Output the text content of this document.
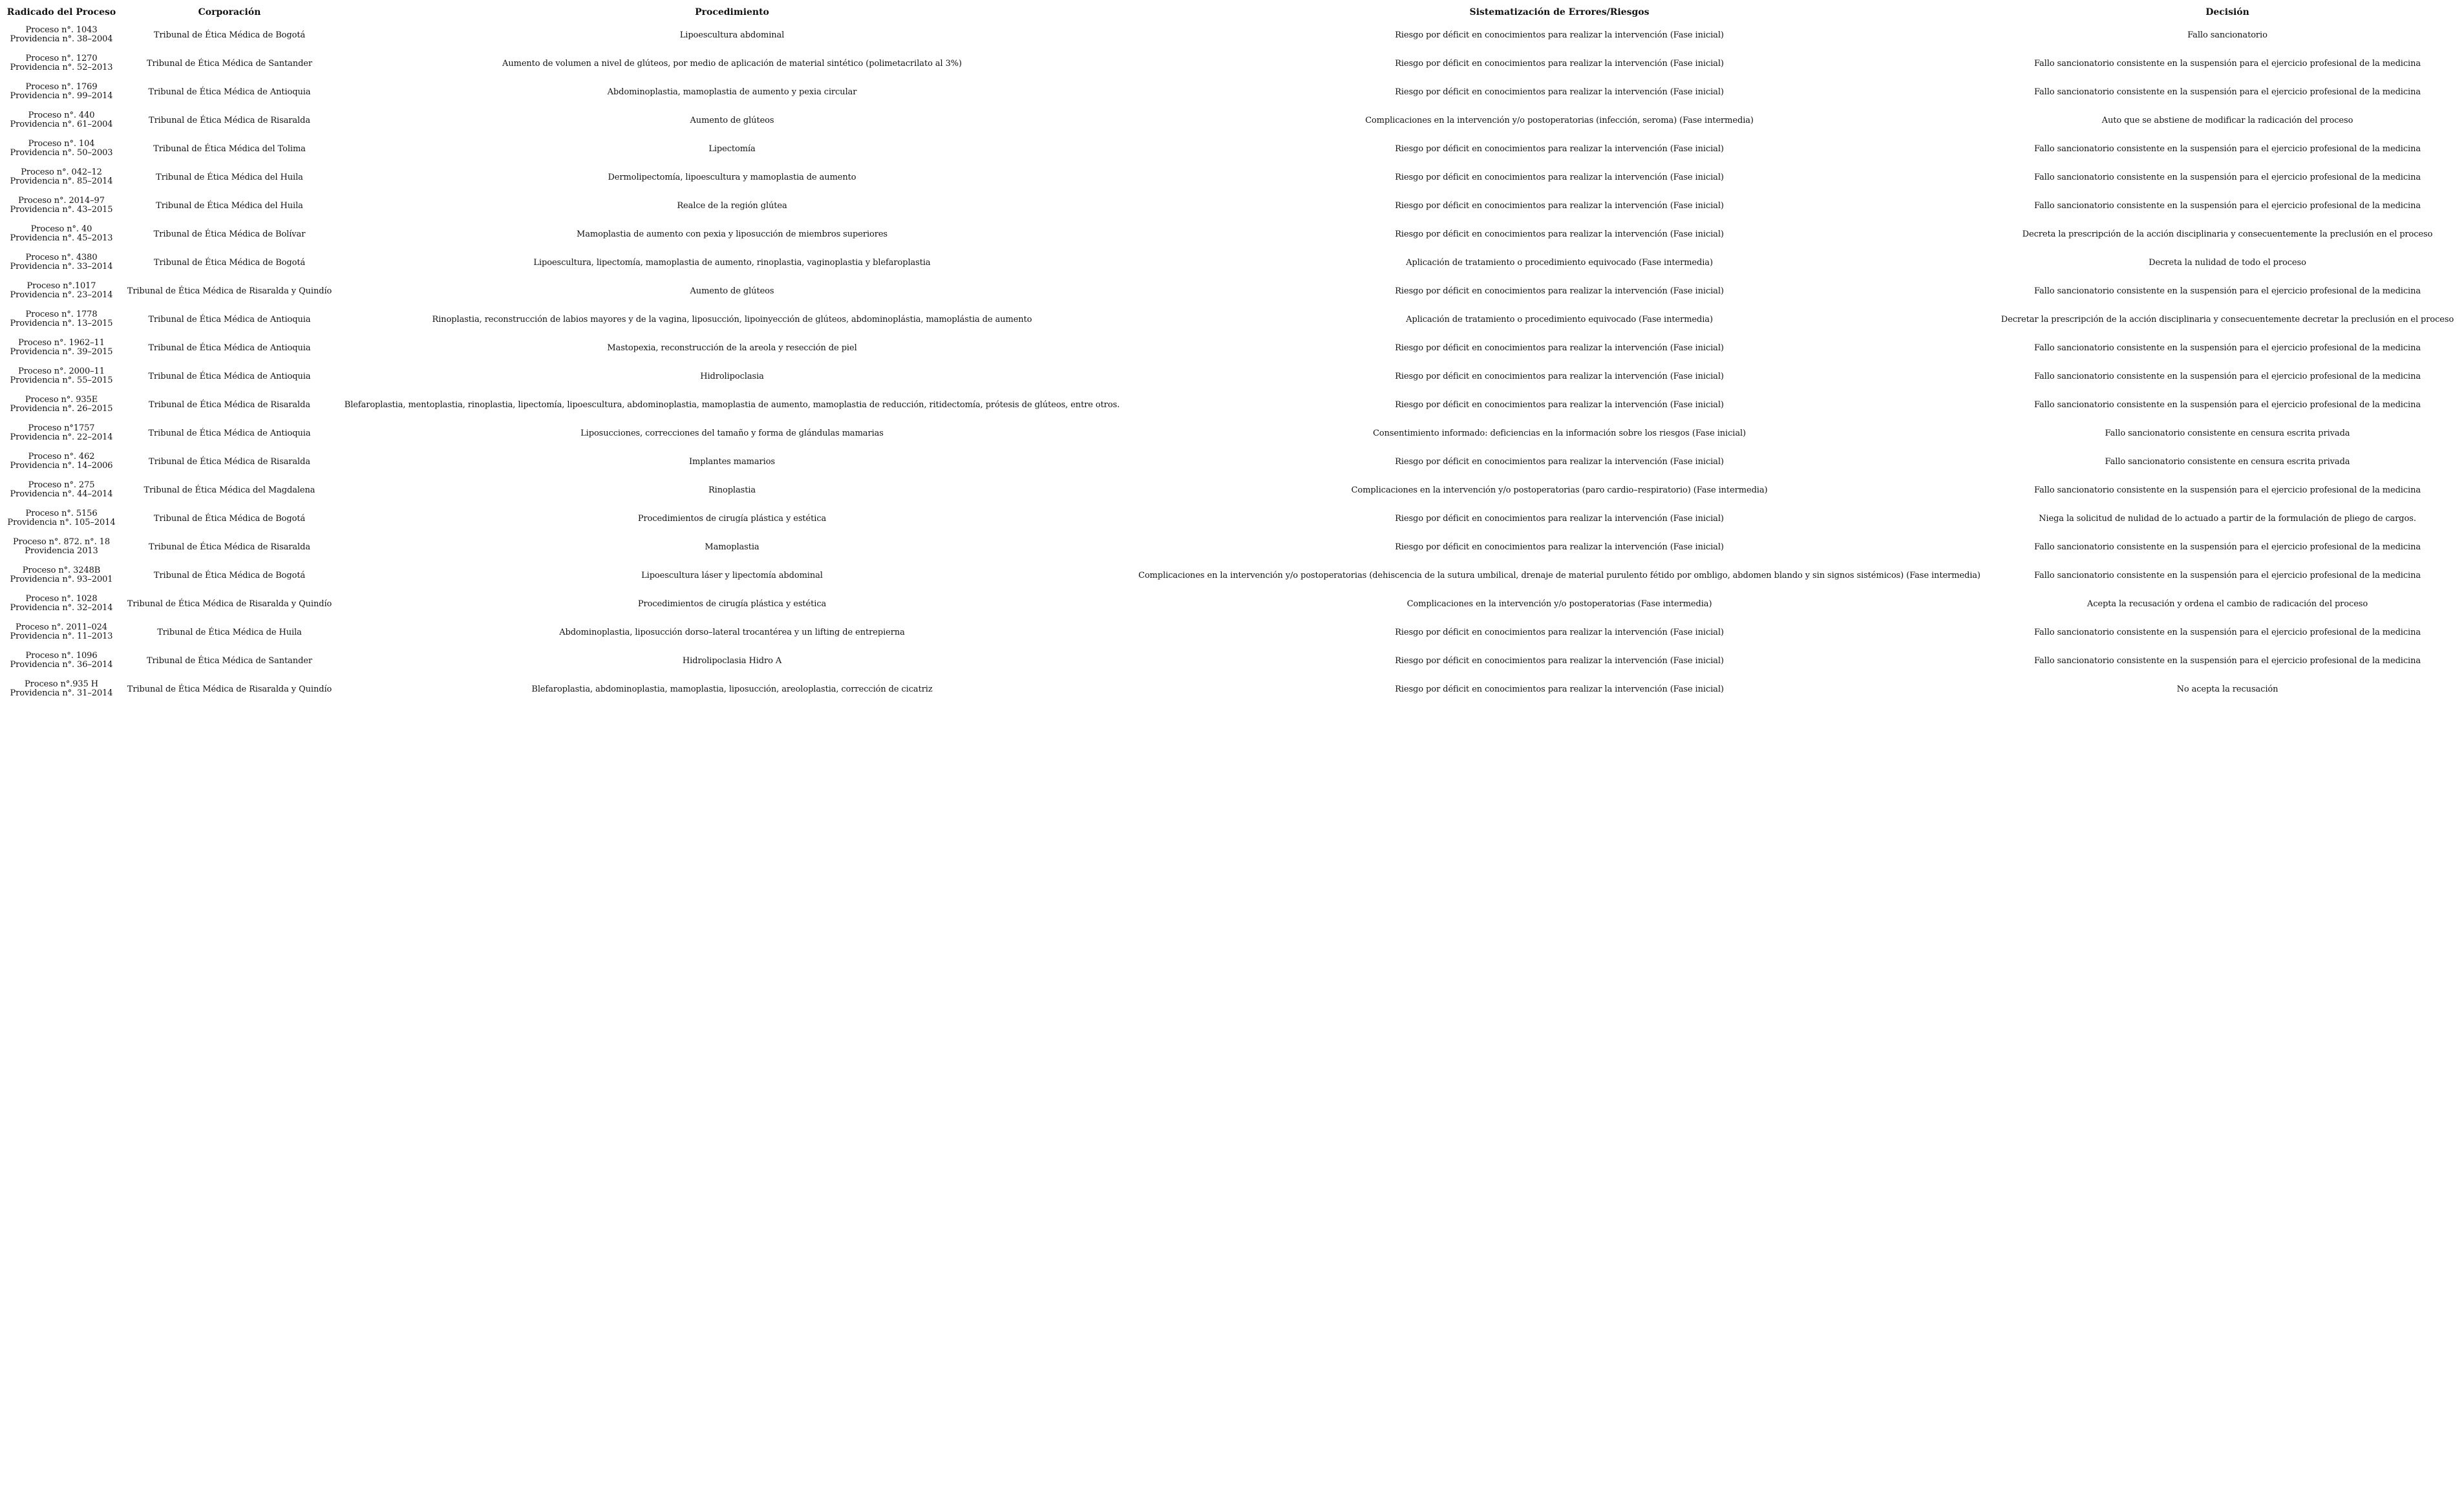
Radicado del Proceso	Corporación	Procedimiento	Sistematización de Errores/Riesgos	Decisión
Proceso n°. 1043
Providencia n°. 38–2004	Tribunal de Ética Médica de Bogotá	Lipoescultura abdominal	Riesgo por déficit en conocimientos para realizar la intervención (Fase inicial)	Fallo sancionatorio
Proceso n°. 1270
Providencia n°. 52–2013	Tribunal de Ética Médica de Santander	Aumento de volumen a nivel de glúteos, por medio de aplicación de material sintético (polimetacrilato al 3%)	Riesgo por déficit en conocimientos para realizar la intervención (Fase inicial)	Fallo sancionatorio consistente en la suspensión para el ejercicio profesional de la medicina
Proceso n°. 1769
Providencia n°. 99–2014	Tribunal de Ética Médica de Antioquia	Abdominoplastia, mamoplastia de aumento y pexia circular	Riesgo por déficit en conocimientos para realizar la intervención (Fase inicial)	Fallo sancionatorio consistente en la suspensión para el ejercicio profesional de la medicina
Proceso n°. 440
Providencia n°. 61–2004	Tribunal de Ética Médica de Risaralda	Aumento de glúteos	Complicaciones en la intervención y/o postoperatorias (infección, seroma) (Fase intermedia)	Auto que se abstiene de modificar la radicación del proceso
Proceso n°. 104
Providencia n°. 50–2003	Tribunal de Ética Médica del Tolima	Lipectomía	Riesgo por déficit en conocimientos para realizar la intervención (Fase inicial)	Fallo sancionatorio consistente en la suspensión para el ejercicio profesional de la medicina
Proceso n°. 042–12
Providencia n°. 85–2014	Tribunal de Ética Médica del Huila	Dermolipectomía, lipoescultura y mamoplastia de aumento	Riesgo por déficit en conocimientos para realizar la intervención (Fase inicial)	Fallo sancionatorio consistente en la suspensión para el ejercicio profesional de la medicina
Proceso n°. 2014–97
Providencia n°. 43–2015	Tribunal de Ética Médica del Huila	Realce de la región glútea	Riesgo por déficit en conocimientos para realizar la intervención (Fase inicial)	Fallo sancionatorio consistente en la suspensión para el ejercicio profesional de la medicina
Proceso n°. 40
Providencia n°. 45–2013	Tribunal de Ética Médica de Bolívar	Mamoplastia de aumento con pexia y liposucción de miembros superiores	Riesgo por déficit en conocimientos para realizar la intervención (Fase inicial)	Decreta la prescripción de la acción disciplinaria y consecuentemente la preclusión en el proceso
Proceso n°. 4380
Providencia n°. 33–2014	Tribunal de Ética Médica de Bogotá	Lipoescultura, lipectomía, mamoplastia de aumento, rinoplastia, vaginoplastia y blefaroplastia	Aplicación de tratamiento o procedimiento equivocado (Fase intermedia)	Decreta la nulidad de todo el proceso
Proceso n°.1017
Providencia n°. 23–2014	Tribunal de Ética Médica de Risaralda y Quindío	Aumento de glúteos	Riesgo por déficit en conocimientos para realizar la intervención (Fase inicial)	Fallo sancionatorio consistente en la suspensión para el ejercicio profesional de la medicina
Proceso n°. 1778
Providencia n°. 13–2015	Tribunal de Ética Médica de Antioquia	Rinoplastia, reconstrucción de labios mayores y de la vagina, liposucción, lipoinyección de glúteos, abdominoplástia, mamoplástia de aumento	Aplicación de tratamiento o procedimiento equivocado (Fase intermedia)	Decretar la prescripción de la acción disciplinaria y consecuentemente decretar la preclusión en el proceso
Proceso n°. 1962–11
Providencia n°. 39–2015	Tribunal de Ética Médica de Antioquia	Mastopexia, reconstrucción de la areola y resección de piel	Riesgo por déficit en conocimientos para realizar la intervención (Fase inicial)	Fallo sancionatorio consistente en la suspensión para el ejercicio profesional de la medicina
Proceso n°. 2000–11
Providencia n°. 55–2015	Tribunal de Ética Médica de Antioquia	Hidrolipoclasia	Riesgo por déficit en conocimientos para realizar la intervención (Fase inicial)	Fallo sancionatorio consistente en la suspensión para el ejercicio profesional de la medicina
Proceso n°. 935E
Providencia n°. 26–2015	Tribunal de Ética Médica de Risaralda	Blefaroplastia, mentoplastia, rinoplastia, lipectomía, lipoescultura, abdominoplastia, mamoplastia de aumento, mamoplastia de reducción, ritidectomía, prótesis de glúteos, entre otros.	Riesgo por déficit en conocimientos para realizar la intervención (Fase inicial)	Fallo sancionatorio consistente en la suspensión para el ejercicio profesional de la medicina
Proceso n°1757
Providencia n°. 22–2014	Tribunal de Ética Médica de Antioquia	Liposucciones, correcciones del tamaño y forma de glándulas mamarias	Consentimiento informado: deficiencias en la información sobre los riesgos (Fase inicial)	Fallo sancionatorio consistente en censura escrita privada
Proceso n°. 462
Providencia n°. 14–2006	Tribunal de Ética Médica de Risaralda	Implantes mamarios	Riesgo por déficit en conocimientos para realizar la intervención (Fase inicial)	Fallo sancionatorio consistente en censura escrita privada
Proceso n°. 275
Providencia n°. 44–2014	Tribunal de Ética Médica del Magdalena	Rinoplastia	Complicaciones en la intervención y/o postoperatorias (paro cardio–respiratorio) (Fase intermedia)	Fallo sancionatorio consistente en la suspensión para el ejercicio profesional de la medicina
Proceso n°. 5156
Providencia n°. 105–2014	Tribunal de Ética Médica de Bogotá	Procedimientos de cirugía plástica y estética	Riesgo por déficit en conocimientos para realizar la intervención (Fase inicial)	Niega la solicitud de nulidad de lo actuado a partir de la formulación de pliego de cargos.
Proceso n°. 872. n°. 18
Providencia 2013	Tribunal de Ética Médica de Risaralda	Mamoplastia	Riesgo por déficit en conocimientos para realizar la intervención (Fase inicial)	Fallo sancionatorio consistente en la suspensión para el ejercicio profesional de la medicina
Proceso n°. 3248B
Providencia n°. 93–2001	Tribunal de Ética Médica de Bogotá	Lipoescultura láser y lipectomía abdominal	Complicaciones en la intervención y/o postoperatorias (dehiscencia de la sutura umbilical, drenaje de material purulento fétido por ombligo, abdomen blando y sin signos sistémicos) (Fase intermedia)	Fallo sancionatorio consistente en la suspensión para el ejercicio profesional de la medicina
Proceso n°. 1028
Providencia n°. 32–2014	Tribunal de Ética Médica de Risaralda y Quindío	Procedimientos de cirugía plástica y estética	Complicaciones en la intervención y/o postoperatorias (Fase intermedia)	Acepta la recusación y ordena el cambio de radicación del proceso
Proceso n°. 2011–024
Providencia n°. 11–2013	Tribunal de Ética Médica de Huila	Abdominoplastia, liposucción dorso–lateral trocantérea y un lifting de entrepierna	Riesgo por déficit en conocimientos para realizar la intervención (Fase inicial)	Fallo sancionatorio consistente en la suspensión para el ejercicio profesional de la medicina
Proceso n°. 1096
Providencia n°. 36–2014	Tribunal de Ética Médica de Santander	Hidrolipoclasia Hidro A	Riesgo por déficit en conocimientos para realizar la intervención (Fase inicial)	Fallo sancionatorio consistente en la suspensión para el ejercicio profesional de la medicina
Proceso n°.935 H
Providencia n°. 31–2014	Tribunal de Ética Médica de Risaralda y Quindío	Blefaroplastia, abdominoplastia, mamoplastia, liposucción, areoloplastia, corrección de cicatriz	Riesgo por déficit en conocimientos para realizar la intervención (Fase inicial)	No acepta la recusación
